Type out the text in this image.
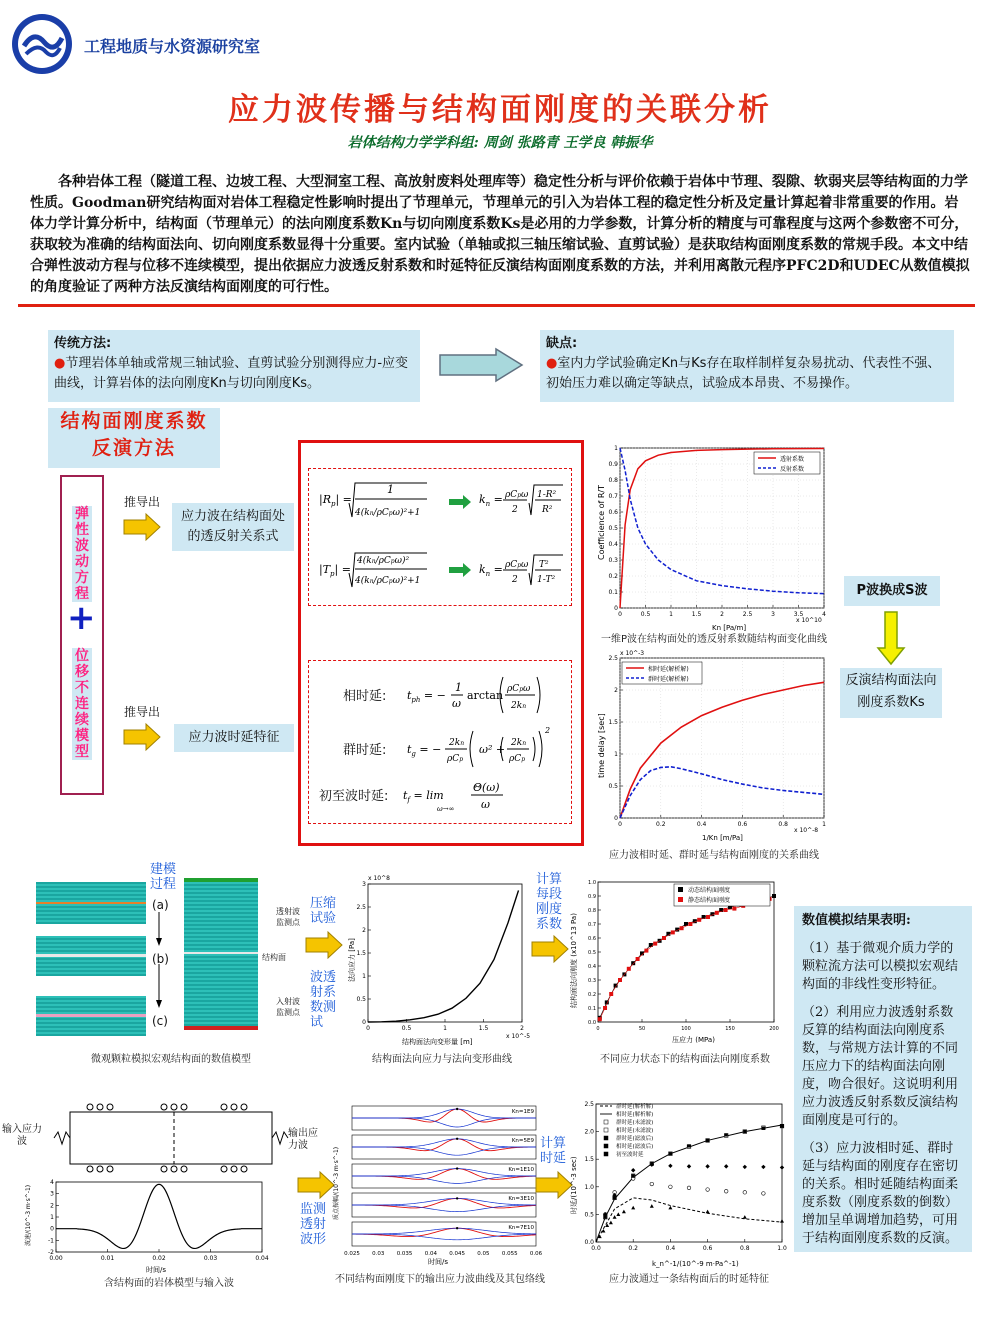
工程地质与水资源研究室
应力波传播与结构面刚度的关联分析
岩体结构力学学科组: 周剑 张路青 王学良 韩振华
各种岩体工程（隧道工程、边坡工程、大型洞室工程、高放射废料处理库等）稳定性分析与评价依赖于岩体中节理、裂隙、软弱夹层等结构面的力学性质。Goodman研究结构面对岩体工程稳定性影响时提出了节理单元，节理单元的引入为岩体工程的稳定性分析及定量计算起着非常重要的作用。岩体力学计算分析中，结构面（节理单元）的法向刚度系数Kn与切向刚度系数Ks是必用的力学参数，计算分析的精度与可靠程度与这两个参数密不可分，获取较为准确的结构面法向、切向刚度系数显得十分重要。室内试验（单轴或拟三轴压缩试验、直剪试验）是获取结构面刚度系数的常规手段。本文中结合弹性波动方程与位移不连续模型，提出依据应力波透反射系数和时延特征反演结构面刚度系数的方法，并利用离散元程序PFC2D和UDEC从数值模拟的角度验证了两种方法反演结构面刚度的可行性。
传统方法:
●节理岩体单轴或常规三轴试验、直剪试验分别测得应力-应变曲线，计算岩体的法向刚度Kn与切向刚度Ks。
缺点:
●室内力学试验确定Kn与Ks存在取样制样复杂易扰动、代表性不强、初始压力难以确定等缺点，试验成本昂贵、不易操作。
结构面刚度系数
反演方法
弹性波动方程
+
位移不连续模型
推导出
应力波在结构面处的透反射关系式
推导出
应力波时延特征
$|R_p|$ =
1
4(kn/ρCpω)²+1
$k_n = \rho Cp\omega$
2
1-R²
R²
$|T_p|$ =
4(kn/ρCpω)²
4(kn/ρCpω)²+1
$k_n = \rho Cp\omega$
2
T²
1-T²
相时延:
群时延:
初至波时延:
$t_{ph}$ = −
1
ω
arctan ρCpω
2kn
$t_g$ = − 2kn
ρCp
ω² + 2kn
ρCp
2
$t_f = \lim$
ω→∞
Θ(ω)
ω
0	0.5	1	1.5	2	2.5	3	3.5	4
0
0.1
0.2
0.3
0.4
0.5
0.6
0.7
0.8
0.9
1
Coefficience of R/T
Kn [Pa/m]
x 10^10
透射系数
反射系数
一维P波在结构面处的透反射系数随结构面变化曲线
0	0.2	0.4	0.6	0.8	1
0
0.5
1
1.5
2
2.5
time delay [sec]
1/Kn [m/Pa]
x 10^-8
x 10^-3
相时延(解析解)
群时延(解析解)
应力波相时延、群时延与结构面刚度的关系曲线
P波换成S波
反演结构面法向刚度系数Ks
建模过程
(a)
(b)
(c)
透射波监测点
结构面
入射波监测点
微观颗粒模拟宏观结构面的数值模型
压缩试验
波透射系数测试	0	0.5	1	1.5	2
0
0.5
1
1.5
2
2.5
3
法向应力 [Pa]
结构面法向变形量 [m]
x 10^-5
x 10^8
结构面法向应力与法向变形曲线
计算每段刚度系数
0	50	100	150	200
0.0
0.1
0.2
0.3
0.4
0.5
0.6
0.7
0.8
0.9
1.0
结构面法向刚度 (x10^13 Pa)
压应力 (MPa)
动态结构面刚度
静态结构面刚度
不同应力状态下的结构面法向刚度系数

数值模拟结果表明:

（1）基于微观介质力学的颗粒流方法可以模拟宏观结构面的非线性变形特征。

（2）利用应力波透射系数反算的结构面法向刚度系数，与常规方法计算的不同压应力下的结构面法向刚度，吻合很好。这说明利用应力波透反射系数反演结构面刚度是可行的。

（3）应力波相时延、群时延与结构面的刚度存在密切的关系。相时延随结构面柔度系数（刚度系数的倒数）增加呈单调增加趋势，可用于结构面刚度系数的反演。

输入应力波
输出应力波
0.00	0.01	0.02	0.03	0.04
-2
-1
0
1
2
3
4
波速/(10^-3 m·s^-1)
时间/s
含结构面的岩体模型与输入波
监测透射波形
Kn=1E9
Kn=5E9
Kn=1E10
Kn=3E10
Kn=7E10
质点振幅/(10^-3 m·s^-1)
时间/s
0.025 0.03 0.035 0.04 0.045 0.05 0.055 0.06
不同结构面刚度下的输出应力波曲线及其包络线
计算时延
0.0	0.2	0.4	0.6	0.8	1.0
0.0
0.5
1.0
1.5
2.0
2.5
时延/(10^-3 sec)
k_n^-1/(10^-9 m·Pa^-1)
群时延(解析解)
相时延(解析解)
群时延(未滤波)
相时延(未滤波)
群时延(滤波后)
相时延(滤波后)
初至波时延
应力波通过一条结构面后的时延特征
